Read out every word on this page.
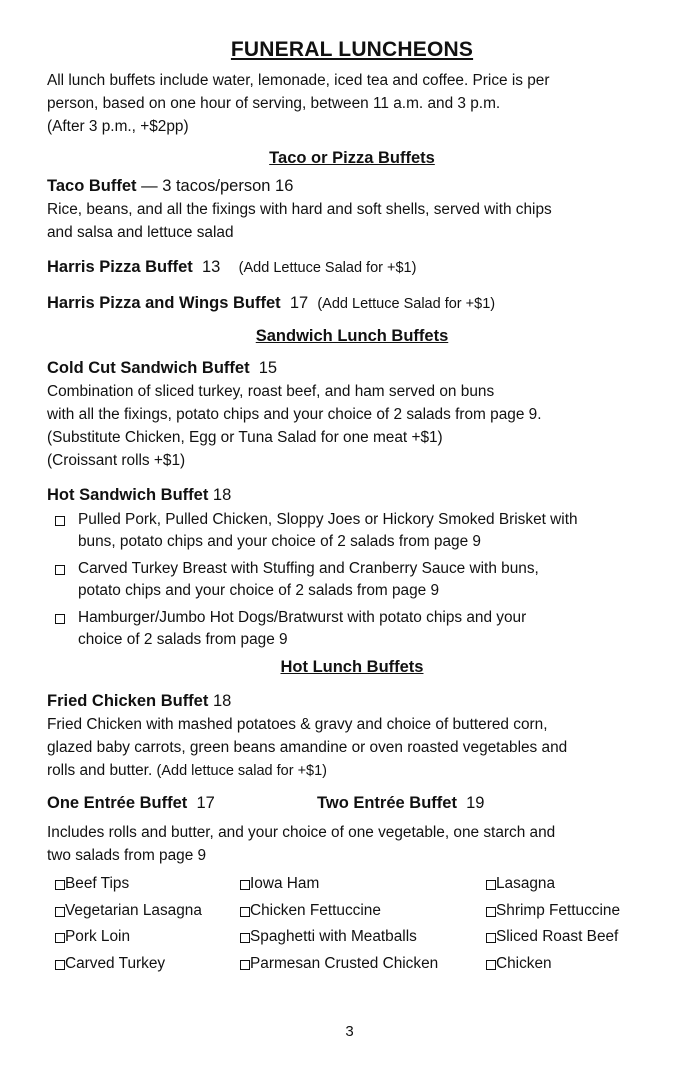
FUNERAL LUNCHEONS

All lunch buffets include water, lemonade, iced tea and coffee. Price is per

person, based on one hour of serving, between 11 a.m. and 3 p.m.

(After 3 p.m., +$2pp)

Taco or Pizza Buffets
Taco Buffet — 3 tacos/person 16

Rice, beans, and all the fixings with hard and soft shells, served with chips

and salsa and lettuce salad

Harris Pizza Buffet 13 (Add Lettuce Salad for +$1)
Harris Pizza and Wings Buffet 17 (Add Lettuce Salad for +$1)
Sandwich Lunch Buffets
Cold Cut Sandwich Buffet 15

Combination of sliced turkey, roast beef, and ham served on buns

with all the fixings, potato chips and your choice of 2 salads from page 9.

(Substitute Chicken, Egg or Tuna Salad for one meat +$1)

(Croissant rolls +$1)

Hot Sandwich Buffet 18
Pulled Pork, Pulled Chicken, Sloppy Joes or Hickory Smoked Brisket with
buns, potato chips and your choice of 2 salads from page 9
Carved Turkey Breast with Stuffing and Cranberry Sauce with buns,
potato chips and your choice of 2 salads from page 9
Hamburger/Jumbo Hot Dogs/Bratwurst with potato chips and your
choice of 2 salads from page 9
Hot Lunch Buffets
Fried Chicken Buffet 18

Fried Chicken with mashed potatoes & gravy and choice of buttered corn,

glazed baby carrots, green beans amandine or oven roasted vegetables and

rolls and butter. (Add lettuce salad for +$1)

One Entrée Buffet 17	Two Entrée Buffet 19

Includes rolls and butter, and your choice of one vegetable, one starch and

two salads from page 9

Beef Tips	Iowa Ham	Lasagna
Vegetarian Lasagna	Chicken Fettuccine	Shrimp Fettuccine
Pork Loin	Spaghetti with Meatballs	Sliced Roast Beef
Carved Turkey	Parmesan Crusted Chicken	Chicken
3
